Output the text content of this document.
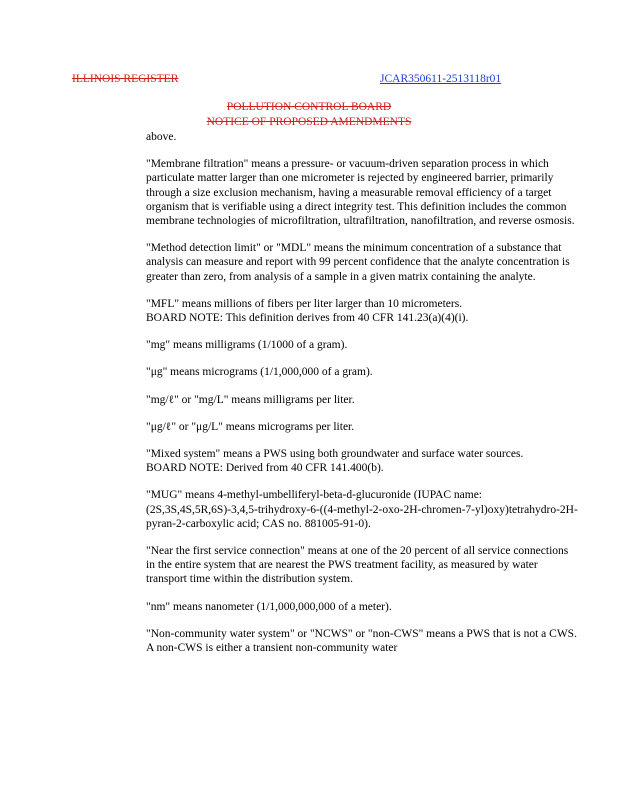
ILLINOIS REGISTER	JCAR350611-2513118r01
POLLUTION CONTROL BOARD
NOTICE OF PROPOSED AMENDMENTS

above.

"Membrane filtration" means a pressure- or vacuum-driven separation process in which particulate matter larger than one micrometer is rejected by engineered barrier, primarily through a size exclusion mechanism, having a measurable removal efficiency of a target organism that is verifiable using a direct integrity test. This definition includes the common membrane technologies of microfiltration, ultrafiltration, nanofiltration, and reverse osmosis.

"Method detection limit" or "MDL" means the minimum concentration of a substance that analysis can measure and report with 99 percent confidence that the analyte concentration is greater than zero, from analysis of a sample in a given matrix containing the analyte.

"MFL" means millions of fibers per liter larger than 10 micrometers.

BOARD NOTE: This definition derives from 40 CFR 141.23(a)(4)(i).

"mg" means milligrams (1/1000 of a gram).

"μg" means micrograms (1/1,000,000 of a gram).

"mg/ℓ" or "mg/L" means milligrams per liter.

"μg/ℓ" or "μg/L" means micrograms per liter.

"Mixed system" means a PWS using both groundwater and surface water sources.

BOARD NOTE: Derived from 40 CFR 141.400(b).

"MUG" means 4-methyl-umbelliferyl-beta-d-glucuronide (IUPAC name: (2S,3S,4S,5R,6S)-3,4,5-trihydroxy-6-((4-methyl-2-oxo-2H-chromen-7-yl)oxy)tetrahydro-2H-pyran-2-carboxylic acid; CAS no. 881005-91-0).

"Near the first service connection" means at one of the 20 percent of all service connections in the entire system that are nearest the PWS treatment facility, as measured by water transport time within the distribution system.

"nm" means nanometer (1/1,000,000,000 of a meter).

"Non-community water system" or "NCWS" or "non-CWS" means a PWS that is not a CWS. A non-CWS is either a transient non-community water
